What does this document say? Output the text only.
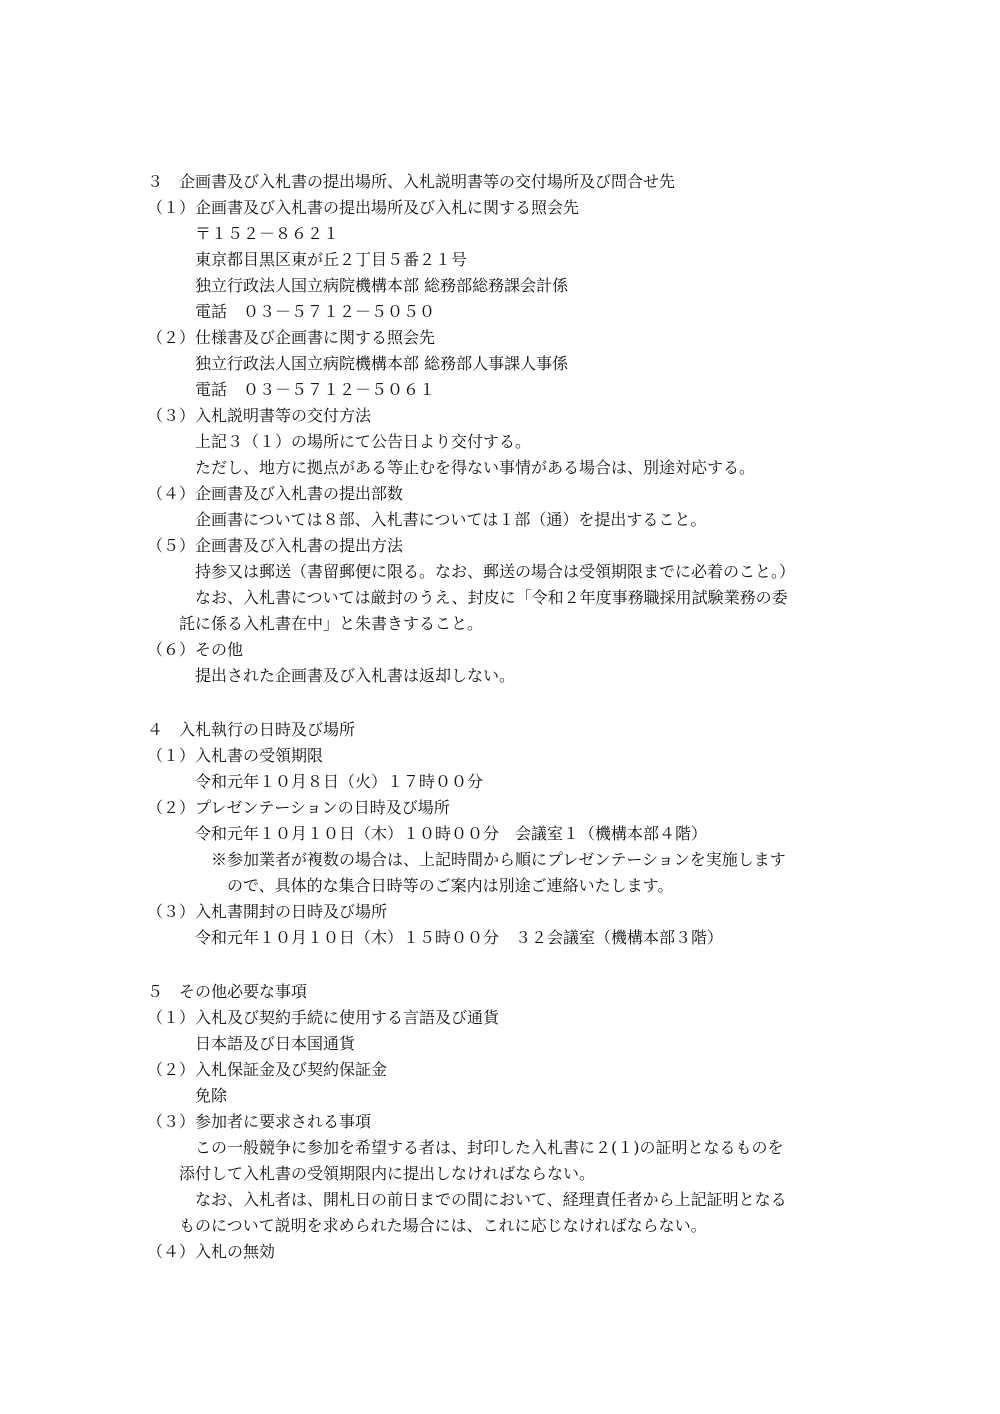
３　企画書及び入札書の提出場所、入札説明書等の交付場所及び問合せ先
（１）企画書及び入札書の提出場所及び入札に関する照会先
〒１５２－８６２１
東京都目黒区東が丘２丁目５番２１号
独立行政法人国立病院機構本部 総務部総務課会計係
電話　０３－５７１２－５０５０
（２）仕様書及び企画書に関する照会先
独立行政法人国立病院機構本部 総務部人事課人事係
電話　０３－５７１２－５０６１
（３）入札説明書等の交付方法
上記３（１）の場所にて公告日より交付する。
ただし、地方に拠点がある等止むを得ない事情がある場合は、別途対応する。
（４）企画書及び入札書の提出部数
企画書については８部、入札書については１部（通）を提出すること。
（５）企画書及び入札書の提出方法
持参又は郵送（書留郵便に限る。なお、郵送の場合は受領期限までに必着のこと。）
なお、入札書については厳封のうえ、封皮に「令和２年度事務職採用試験業務の委
託に係る入札書在中」と朱書きすること。
（６）その他
提出された企画書及び入札書は返却しない。
４　入札執行の日時及び場所
（１）入札書の受領期限
令和元年１０月８日（火）１７時００分
（２）プレゼンテーションの日時及び場所
令和元年１０月１０日（木）１０時００分　会議室１（機構本部４階）
※参加業者が複数の場合は、上記時間から順にプレゼンテーションを実施します
ので、具体的な集合日時等のご案内は別途ご連絡いたします。
（３）入札書開封の日時及び場所
令和元年１０月１０日（木）１５時００分　３２会議室（機構本部３階）
５　その他必要な事項
（１）入札及び契約手続に使用する言語及び通貨
日本語及び日本国通貨
（２）入札保証金及び契約保証金
免除
（３）参加者に要求される事項
この一般競争に参加を希望する者は、封印した入札書に２(１)の証明となるものを
添付して入札書の受領期限内に提出しなければならない。
なお、入札者は、開札日の前日までの間において、経理責任者から上記証明となる
ものについて説明を求められた場合には、これに応じなければならない。
（４）入札の無効
